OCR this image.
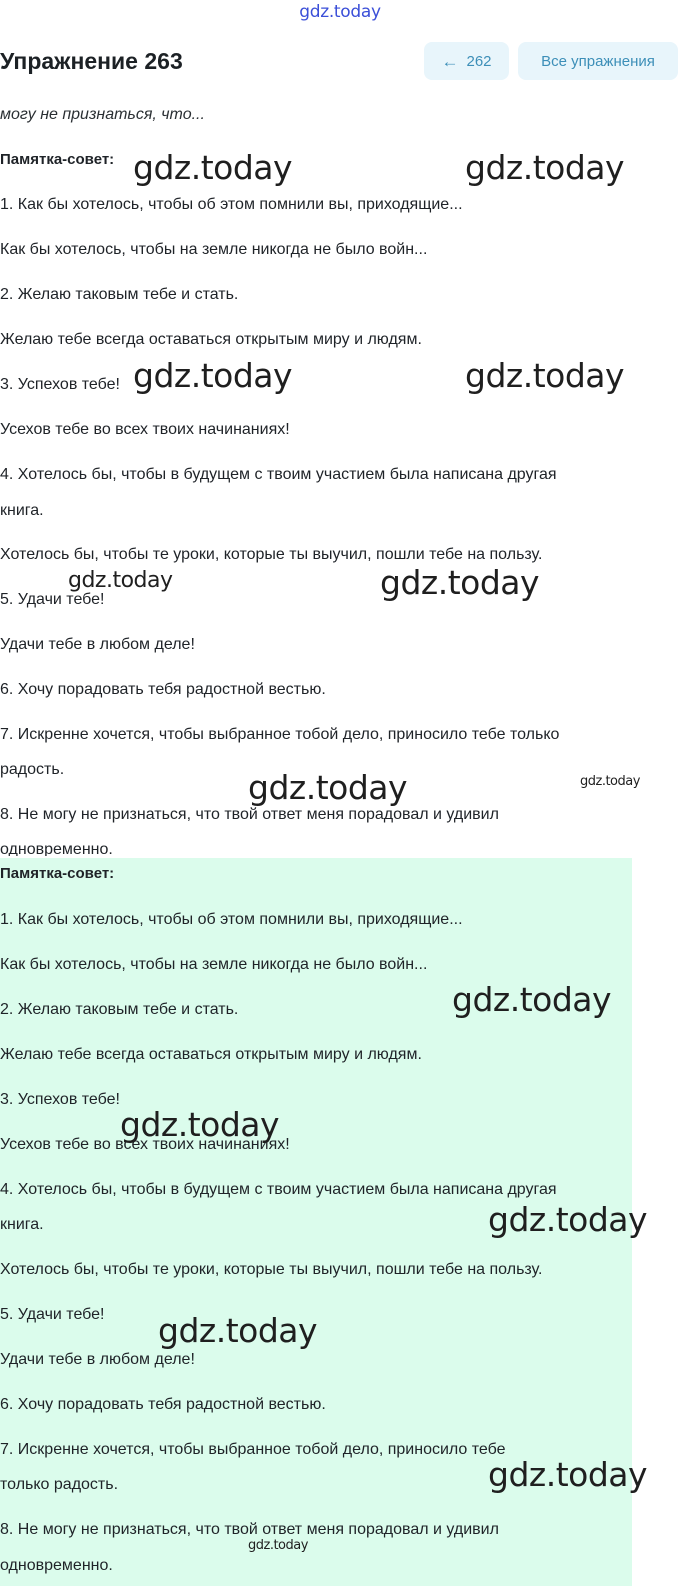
gdz.today
Упражнение 263	← 262	Все упражнения
могу не признаться, что...
Памятка-совет:
1. Как бы хотелось, чтобы об этом помнили вы, приходящие...
Как бы хотелось, чтобы на земле никогда не было войн...
2. Желаю таковым тебе и стать.
Желаю тебе всегда оставаться открытым миру и людям.
3. Успехов тебе!
Усехов тебе во всех твоих начинаниях!
4. Хотелось бы, чтобы в будущем с твоим участием была написана другая
книга.
Хотелось бы, чтобы те уроки, которые ты выучил, пошли тебе на пользу.
5. Удачи тебе!
Удачи тебе в любом деле!
6. Хочу порадовать тебя радостной вестью.
7. Искренне хочется, чтобы выбранное тобой дело, приносило тебе только
радость.
8. Не могу не признаться, что твой ответ меня порадовал и удивил
одновременно.
Памятка-совет:
1. Как бы хотелось, чтобы об этом помнили вы, приходящие...
Как бы хотелось, чтобы на земле никогда не было войн...
2. Желаю таковым тебе и стать.
Желаю тебе всегда оставаться открытым миру и людям.
3. Успехов тебе!
Усехов тебе во всех твоих начинаниях!
4. Хотелось бы, чтобы в будущем с твоим участием была написана другая
книга.
Хотелось бы, чтобы те уроки, которые ты выучил, пошли тебе на пользу.
5. Удачи тебе!
Удачи тебе в любом деле!
6. Хочу порадовать тебя радостной вестью.
7. Искренне хочется, чтобы выбранное тобой дело, приносило тебе
только радость.
8. Не могу не признаться, что твой ответ меня порадовал и удивил
одновременно.
gdz.today	gdz.today
gdz.today	gdz.today
gdz.today	gdz.today
gdz.today	gdz.today
gdz.today
gdz.today
gdz.today
gdz.today
gdz.today
gdz.today
